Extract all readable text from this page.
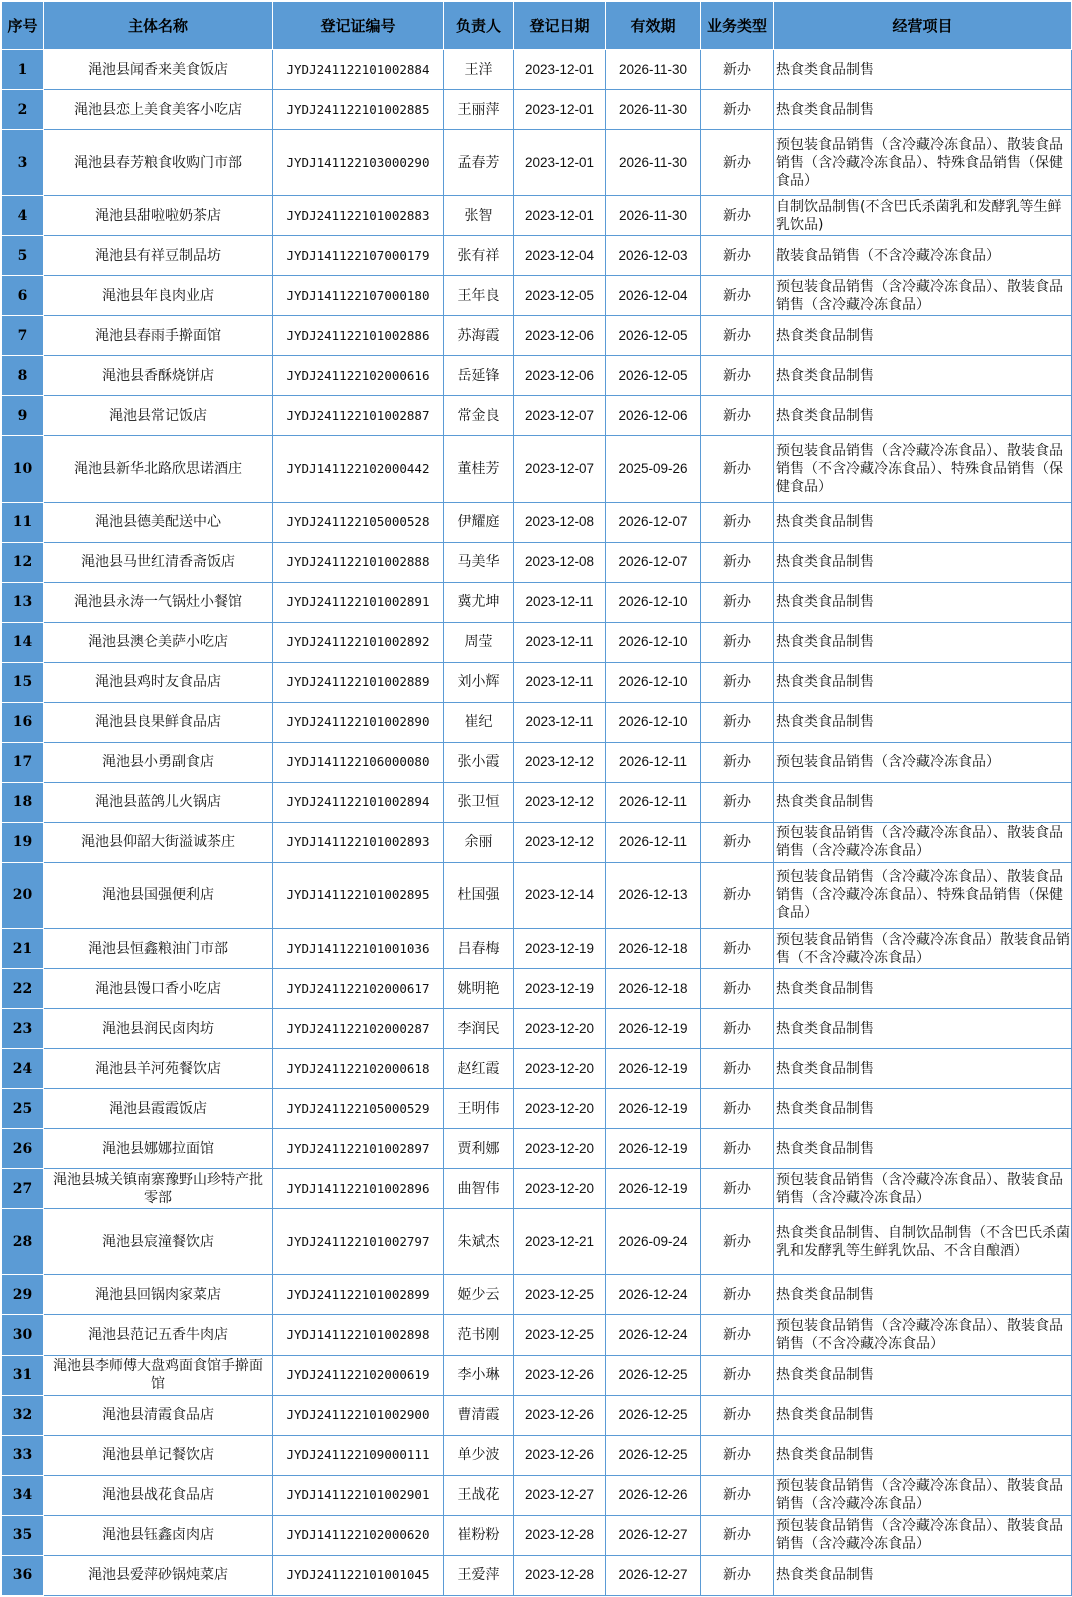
序号	主体名称	登记证编号	负责人	登记日期	有效期	业务类型	经营项目
1	渑池县闻香来美食饭店	JYDJ241122101002884	王洋	2023-12-01	2026-11-30	新办	热食类食品制售
2	渑池县恋上美食美客小吃店	JYDJ241122101002885	王丽萍	2023-12-01	2026-11-30	新办	热食类食品制售
3	渑池县春芳粮食收购门市部	JYDJ141122103000290	孟春芳	2023-12-01	2026-11-30	新办	预包装食品销售（含冷藏冷冻食品）、散装食品销售（含冷藏冷冻食品）、特殊食品销售（保健食品）
4	渑池县甜啦啦奶茶店	JYDJ241122101002883	张智	2023-12-01	2026-11-30	新办	自制饮品制售(不含巴氏杀菌乳和发酵乳等生鲜乳饮品)
5	渑池县有祥豆制品坊	JYDJ141122107000179	张有祥	2023-12-04	2026-12-03	新办	散装食品销售（不含冷藏冷冻食品）
6	渑池县年良肉业店	JYDJ141122107000180	王年良	2023-12-05	2026-12-04	新办	预包装食品销售（含冷藏冷冻食品）、散装食品销售（含冷藏冷冻食品）
7	渑池县春雨手擀面馆	JYDJ241122101002886	苏海霞	2023-12-06	2026-12-05	新办	热食类食品制售
8	渑池县香酥烧饼店	JYDJ241122102000616	岳延锋	2023-12-06	2026-12-05	新办	热食类食品制售
9	渑池县常记饭店	JYDJ241122101002887	常金良	2023-12-07	2026-12-06	新办	热食类食品制售
10	渑池县新华北路欣思诺酒庄	JYDJ141122102000442	董桂芳	2023-12-07	2025-09-26	新办	预包装食品销售（含冷藏冷冻食品）、散装食品销售（不含冷藏冷冻食品）、特殊食品销售（保健食品）
11	渑池县德美配送中心	JYDJ241122105000528	伊耀庭	2023-12-08	2026-12-07	新办	热食类食品制售
12	渑池县马世红清香斋饭店	JYDJ241122101002888	马美华	2023-12-08	2026-12-07	新办	热食类食品制售
13	渑池县永涛一气锅灶小餐馆	JYDJ241122101002891	冀尤坤	2023-12-11	2026-12-10	新办	热食类食品制售
14	渑池县澳仑美萨小吃店	JYDJ241122101002892	周莹	2023-12-11	2026-12-10	新办	热食类食品制售
15	渑池县鸡时友食品店	JYDJ241122101002889	刘小辉	2023-12-11	2026-12-10	新办	热食类食品制售
16	渑池县良果鲜食品店	JYDJ241122101002890	崔纪	2023-12-11	2026-12-10	新办	热食类食品制售
17	渑池县小勇副食店	JYDJ141122106000080	张小霞	2023-12-12	2026-12-11	新办	预包装食品销售（含冷藏冷冻食品）
18	渑池县蓝鸽儿火锅店	JYDJ241122101002894	张卫恒	2023-12-12	2026-12-11	新办	热食类食品制售
19	渑池县仰韶大街溢诚茶庄	JYDJ141122101002893	余丽	2023-12-12	2026-12-11	新办	预包装食品销售（含冷藏冷冻食品）、散装食品销售（含冷藏冷冻食品）
20	渑池县国强便利店	JYDJ141122101002895	杜国强	2023-12-14	2026-12-13	新办	预包装食品销售（含冷藏冷冻食品）、散装食品销售（含冷藏冷冻食品）、特殊食品销售（保健食品）
21	渑池县恒鑫粮油门市部	JYDJ141122101001036	吕春梅	2023-12-19	2026-12-18	新办	预包装食品销售（含冷藏冷冻食品）散装食品销售（不含冷藏冷冻食品）
22	渑池县馒口香小吃店	JYDJ241122102000617	姚明艳	2023-12-19	2026-12-18	新办	热食类食品制售
23	渑池县润民卤肉坊	JYDJ241122102000287	李润民	2023-12-20	2026-12-19	新办	热食类食品制售
24	渑池县羊河苑餐饮店	JYDJ241122102000618	赵红霞	2023-12-20	2026-12-19	新办	热食类食品制售
25	渑池县霞霞饭店	JYDJ241122105000529	王明伟	2023-12-20	2026-12-19	新办	热食类食品制售
26	渑池县娜娜拉面馆	JYDJ241122101002897	贾利娜	2023-12-20	2026-12-19	新办	热食类食品制售
27	渑池县城关镇南寨豫野山珍特产批零部	JYDJ141122101002896	曲智伟	2023-12-20	2026-12-19	新办	预包装食品销售（含冷藏冷冻食品）、散装食品销售（含冷藏冷冻食品）
28	渑池县宸潼餐饮店	JYDJ241122101002797	朱斌杰	2023-12-21	2026-09-24	新办	热食类食品制售、自制饮品制售（不含巴氏杀菌乳和发酵乳等生鲜乳饮品、不含自酿酒）
29	渑池县回锅肉家菜店	JYDJ241122101002899	姬少云	2023-12-25	2026-12-24	新办	热食类食品制售
30	渑池县范记五香牛肉店	JYDJ141122101002898	范书刚	2023-12-25	2026-12-24	新办	预包装食品销售（含冷藏冷冻食品）、散装食品销售（不含冷藏冷冻食品）
31	渑池县李师傅大盘鸡面食馆手擀面馆	JYDJ241122102000619	李小琳	2023-12-26	2026-12-25	新办	热食类食品制售
32	渑池县清霞食品店	JYDJ241122101002900	曹清霞	2023-12-26	2026-12-25	新办	热食类食品制售
33	渑池县单记餐饮店	JYDJ241122109000111	单少波	2023-12-26	2026-12-25	新办	热食类食品制售
34	渑池县战花食品店	JYDJ141122101002901	王战花	2023-12-27	2026-12-26	新办	预包装食品销售（含冷藏冷冻食品）、散装食品销售（含冷藏冷冻食品）
35	渑池县钰鑫卤肉店	JYDJ141122102000620	崔粉粉	2023-12-28	2026-12-27	新办	预包装食品销售（含冷藏冷冻食品）、散装食品销售（含冷藏冷冻食品）
36	渑池县爱萍砂锅炖菜店	JYDJ241122101001045	王爱萍	2023-12-28	2026-12-27	新办	热食类食品制售
